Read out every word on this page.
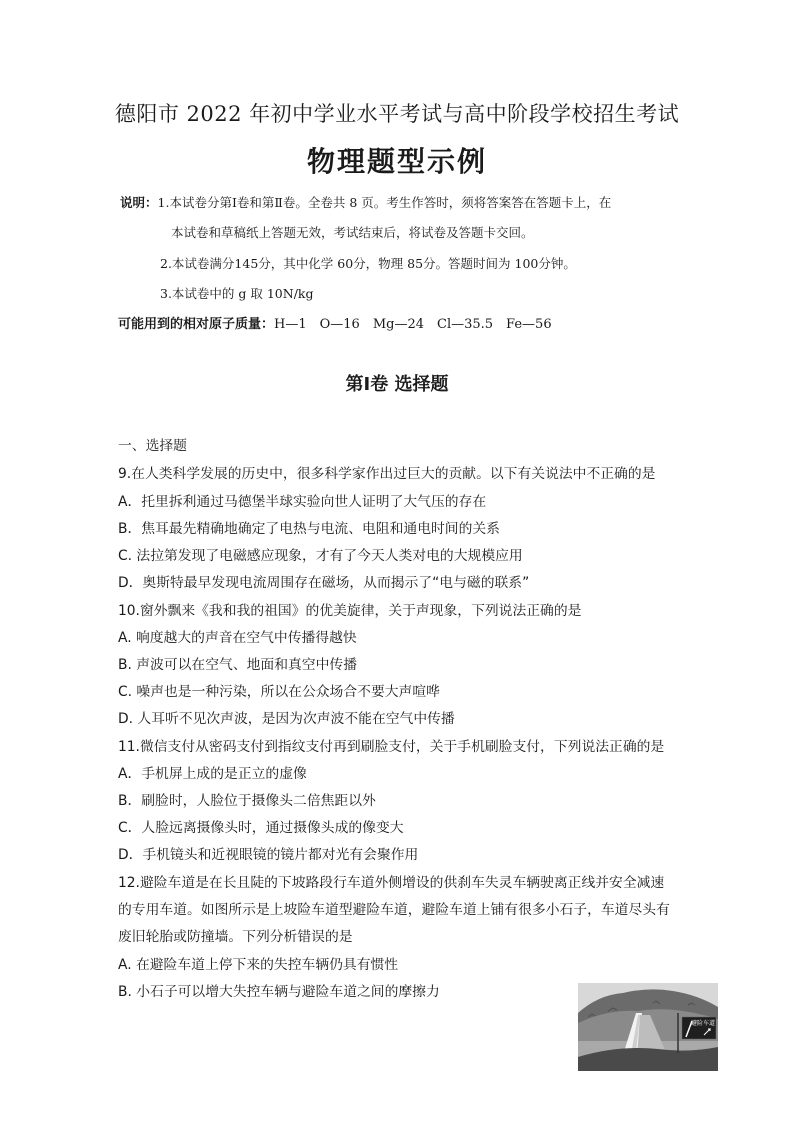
德阳市 2022 年初中学业水平考试与高中阶段学校招生考试
物理题型示例
说明：1.本试卷分第Ⅰ卷和第Ⅱ卷。全卷共 8 页。考生作答时，须将答案答在答题卡上，在
本试卷和草稿纸上答题无效，考试结束后，将试卷及答题卡交回。
2.本试卷满分145分，其中化学 60分，物理 85分。答题时间为 100分钟。
3.本试卷中的 g 取 10N/kg
可能用到的相对原子质量：H—1　O—16　Mg—24　Cl—35.5　Fe—56
第Ⅰ卷 选择题
一、选择题
9.在人类科学发展的历史中，很多科学家作出过巨大的贡献。以下有关说法中不正确的是
A．托里拆利通过马德堡半球实验向世人证明了大气压的存在
B．焦耳最先精确地确定了电热与电流、电阻和通电时间的关系
C. 法拉第发现了电磁感应现象，才有了今天人类对电的大规模应用
D．奥斯特最早发现电流周围存在磁场，从而揭示了“电与磁的联系”
10.窗外飘来《我和我的祖国》的优美旋律，关于声现象，下列说法正确的是
A. 响度越大的声音在空气中传播得越快
B. 声波可以在空气、地面和真空中传播
C. 噪声也是一种污染，所以在公众场合不要大声喧哗
D. 人耳听不见次声波，是因为次声波不能在空气中传播
11.微信支付从密码支付到指纹支付再到刷脸支付，关于手机刷脸支付，下列说法正确的是
A．手机屏上成的是正立的虚像
B．刷脸时，人脸位于摄像头二倍焦距以外
C．人脸远离摄像头时，通过摄像头成的像变大
D．手机镜头和近视眼镜的镜片都对光有会聚作用
12.避险车道是在长且陡的下坡路段行车道外侧增设的供刹车失灵车辆驶离正线并安全减速
的专用车道。如图所示是上坡险车道型避险车道，避险车道上铺有很多小石子，车道尽头有
废旧轮胎或防撞墙。下列分析错误的是
A. 在避险车道上停下来的失控车辆仍具有惯性
B. 小石子可以增大失控车辆与避险车道之间的摩擦力
避险车道
